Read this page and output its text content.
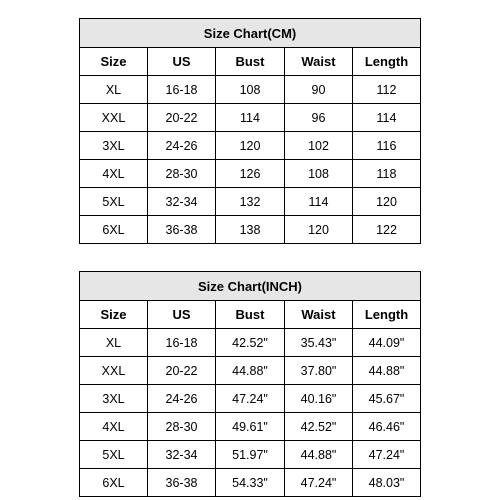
Size Chart(CM)				
Size	US	Bust	Waist	Length
XL	16-18	108	90	112
XXL	20-22	114	96	114
3XL	24-26	120	102	116
4XL	28-30	126	108	118
5XL	32-34	132	114	120
6XL	36-38	138	120	122
Size Chart(INCH)				
Size	US	Bust	Waist	Length
XL	16-18	42.52"	35.43"	44.09"
XXL	20-22	44.88"	37.80"	44.88"
3XL	24-26	47.24"	40.16"	45.67"
4XL	28-30	49.61"	42.52"	46.46"
5XL	32-34	51.97"	44.88"	47.24"
6XL	36-38	54.33"	47.24"	48.03"
